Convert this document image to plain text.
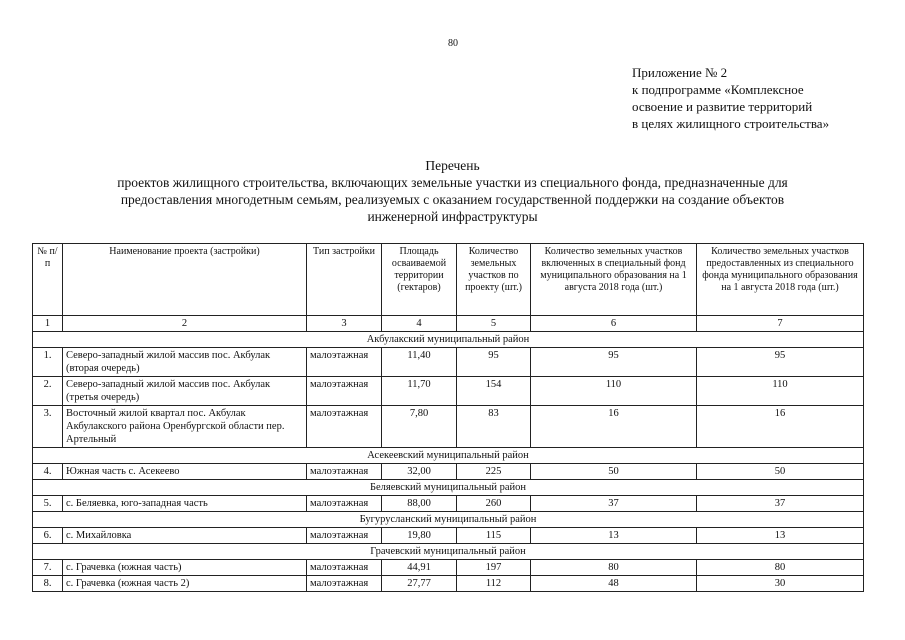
80
Приложение № 2
к подпрограмме «Комплексное
освоение и развитие территорий
в целях жилищного строительства»
Перечень
проектов жилищного строительства, включающих земельные участки из специального фонда, предназначенные для
предоставления многодетным семьям, реализуемых с оказанием государственной поддержки на создание объектов
инженерной инфраструктуры
№ п/п	Наименование проекта (застройки)	Тип застройки	Площадь осваиваемой территории (гектаров)	Количество земельных участков по проекту (шт.)	Количество земельных участков включенных в специальный фонд муниципального образования на 1 августа 2018 года (шт.)	Количество земельных участков предоставленных из специального фонда муниципального образования на 1 августа 2018 года (шт.)
1	2	3	4	5	6	7
Акбулакский муниципальный район						
1.	Северо-западный жилой массив пос. Акбулак (вторая очередь)	малоэтажная	11,40	95	95	95
2.	Северо-западный жилой массив пос. Акбулак (третья очередь)	малоэтажная	11,70	154	110	110
3.	Восточный жилой квартал пос. Акбулак Акбулакского района Оренбургской области пер. Артельный	малоэтажная	7,80	83	16	16
Асекеевский муниципальный район						
4.	Южная часть с. Асекеево	малоэтажная	32,00	225	50	50
Беляевский муниципальный район						
5.	с. Беляевка, юго-западная часть	малоэтажная	88,00	260	37	37
Бугурусланский муниципальный район						
6.	с. Михайловка	малоэтажная	19,80	115	13	13
Грачевский муниципальный район						
7.	с. Грачевка (южная часть)	малоэтажная	44,91	197	80	80
8.	с. Грачевка (южная часть 2)	малоэтажная	27,77	112	48	30
